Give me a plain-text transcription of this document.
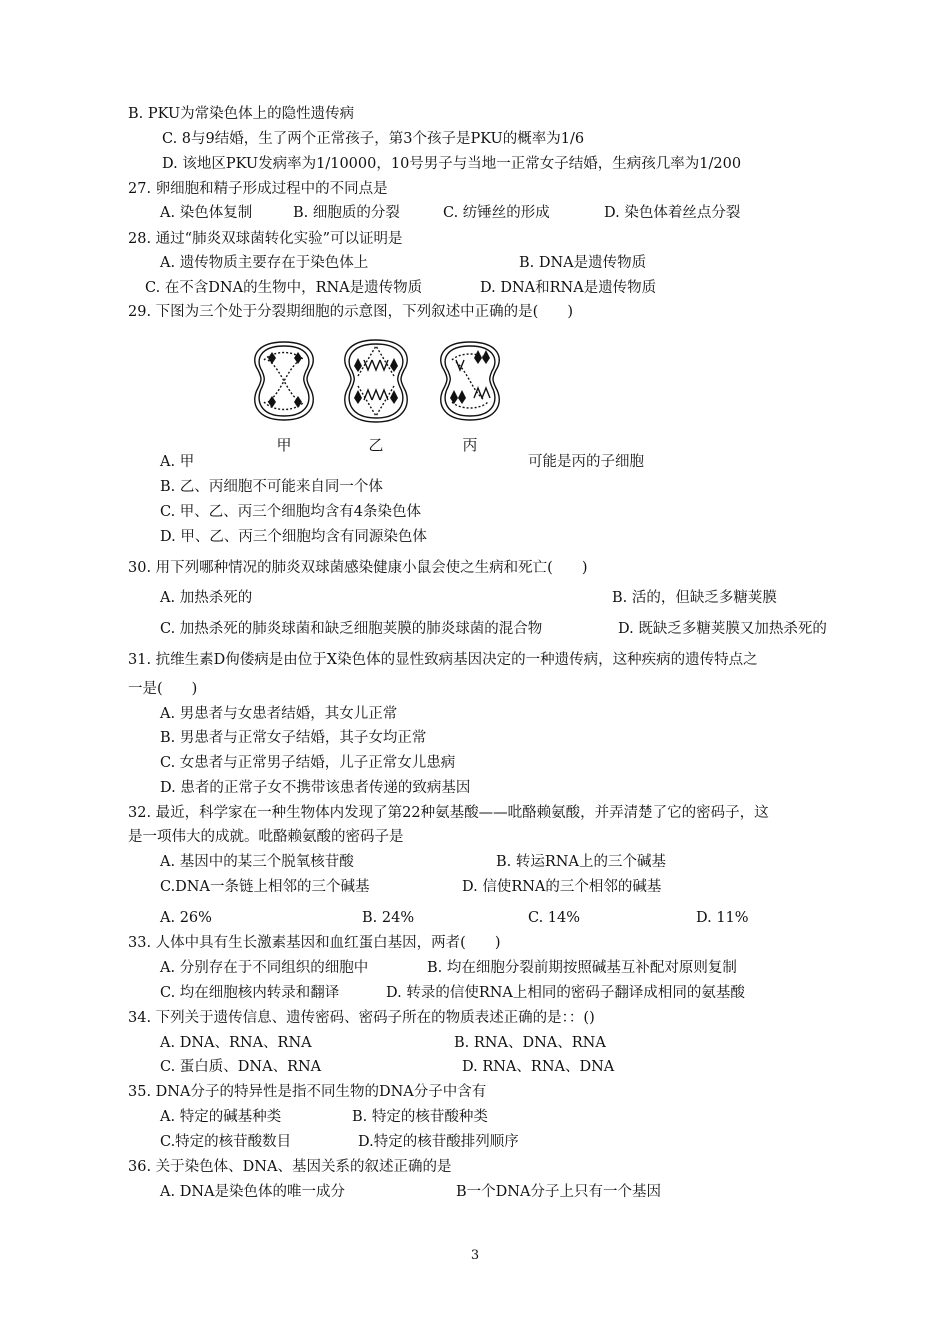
B. PKU为常染色体上的隐性遗传病
C. 8与9结婚，生了两个正常孩子，第3个孩子是PKU的概率为1/6
D. 该地区PKU发病率为1/10000，10号男子与当地一正常女子结婚，生病孩几率为1/200
27. 卵细胞和精子形成过程中的不同点是
A. 染色体复制	B. 细胞质的分裂	C. 纺锤丝的形成	D. 染色体着丝点分裂
28. 通过“肺炎双球菌转化实验”可以证明是
A. 遗传物质主要存在于染色体上	B. DNA是遗传物质
C. 在不含DNA的生物中，RNA是遗传物质	D. DNA和RNA是遗传物质
29. 下图为三个处于分裂期细胞的示意图，下列叙述中正确的是(　　)
甲	乙	丙
A. 甲	可能是丙的子细胞
B. 乙、丙细胞不可能来自同一个体
C. 甲、乙、丙三个细胞均含有4条染色体
D. 甲、乙、丙三个细胞均含有同源染色体
30. 用下列哪种情况的肺炎双球菌感染健康小鼠会使之生病和死亡(　　)
A. 加热杀死的	B. 活的，但缺乏多糖荚膜
C. 加热杀死的肺炎球菌和缺乏细胞荚膜的肺炎球菌的混合物	D. 既缺乏多糖荚膜又加热杀死的
31. 抗维生素D佝偻病是由位于X染色体的显性致病基因决定的一种遗传病，这种疾病的遗传特点之
一是(　　)
A. 男患者与女患者结婚，其女儿正常
B. 男患者与正常女子结婚，其子女均正常
C. 女患者与正常男子结婚，儿子正常女儿患病
D. 患者的正常子女不携带该患者传递的致病基因
32. 最近，科学家在一种生物体内发现了第22种氨基酸——吡酪赖氨酸，并弄清楚了它的密码子，这
是一项伟大的成就。吡酪赖氨酸的密码子是
A. 基因中的某三个脱氧核苷酸	B. 转运RNA上的三个碱基
C.DNA一条链上相邻的三个碱基	D. 信使RNA的三个相邻的碱基
A. 26%	B. 24%	C. 14%	D. 11%
33. 人体中具有生长激素基因和血红蛋白基因，两者(　　)
A. 分别存在于不同组织的细胞中	B. 均在细胞分裂前期按照碱基互补配对原则复制
C. 均在细胞核内转录和翻译	D. 转录的信使RNA上相同的密码子翻译成相同的氨基酸
34. 下列关于遗传信息、遗传密码、密码子所在的物质表述正确的是：：()
A. DNA、RNA、RNA	B. RNA、DNA、RNA
C. 蛋白质、DNA、RNA	D. RNA、RNA、DNA
35. DNA分子的特异性是指不同生物的DNA分子中含有
A. 特定的碱基种类	B. 特定的核苷酸种类
C.特定的核苷酸数目	D.特定的核苷酸排列顺序
36. 关于染色体、DNA、基因关系的叙述正确的是
A. DNA是染色体的唯一成分	B一个DNA分子上只有一个基因
3
